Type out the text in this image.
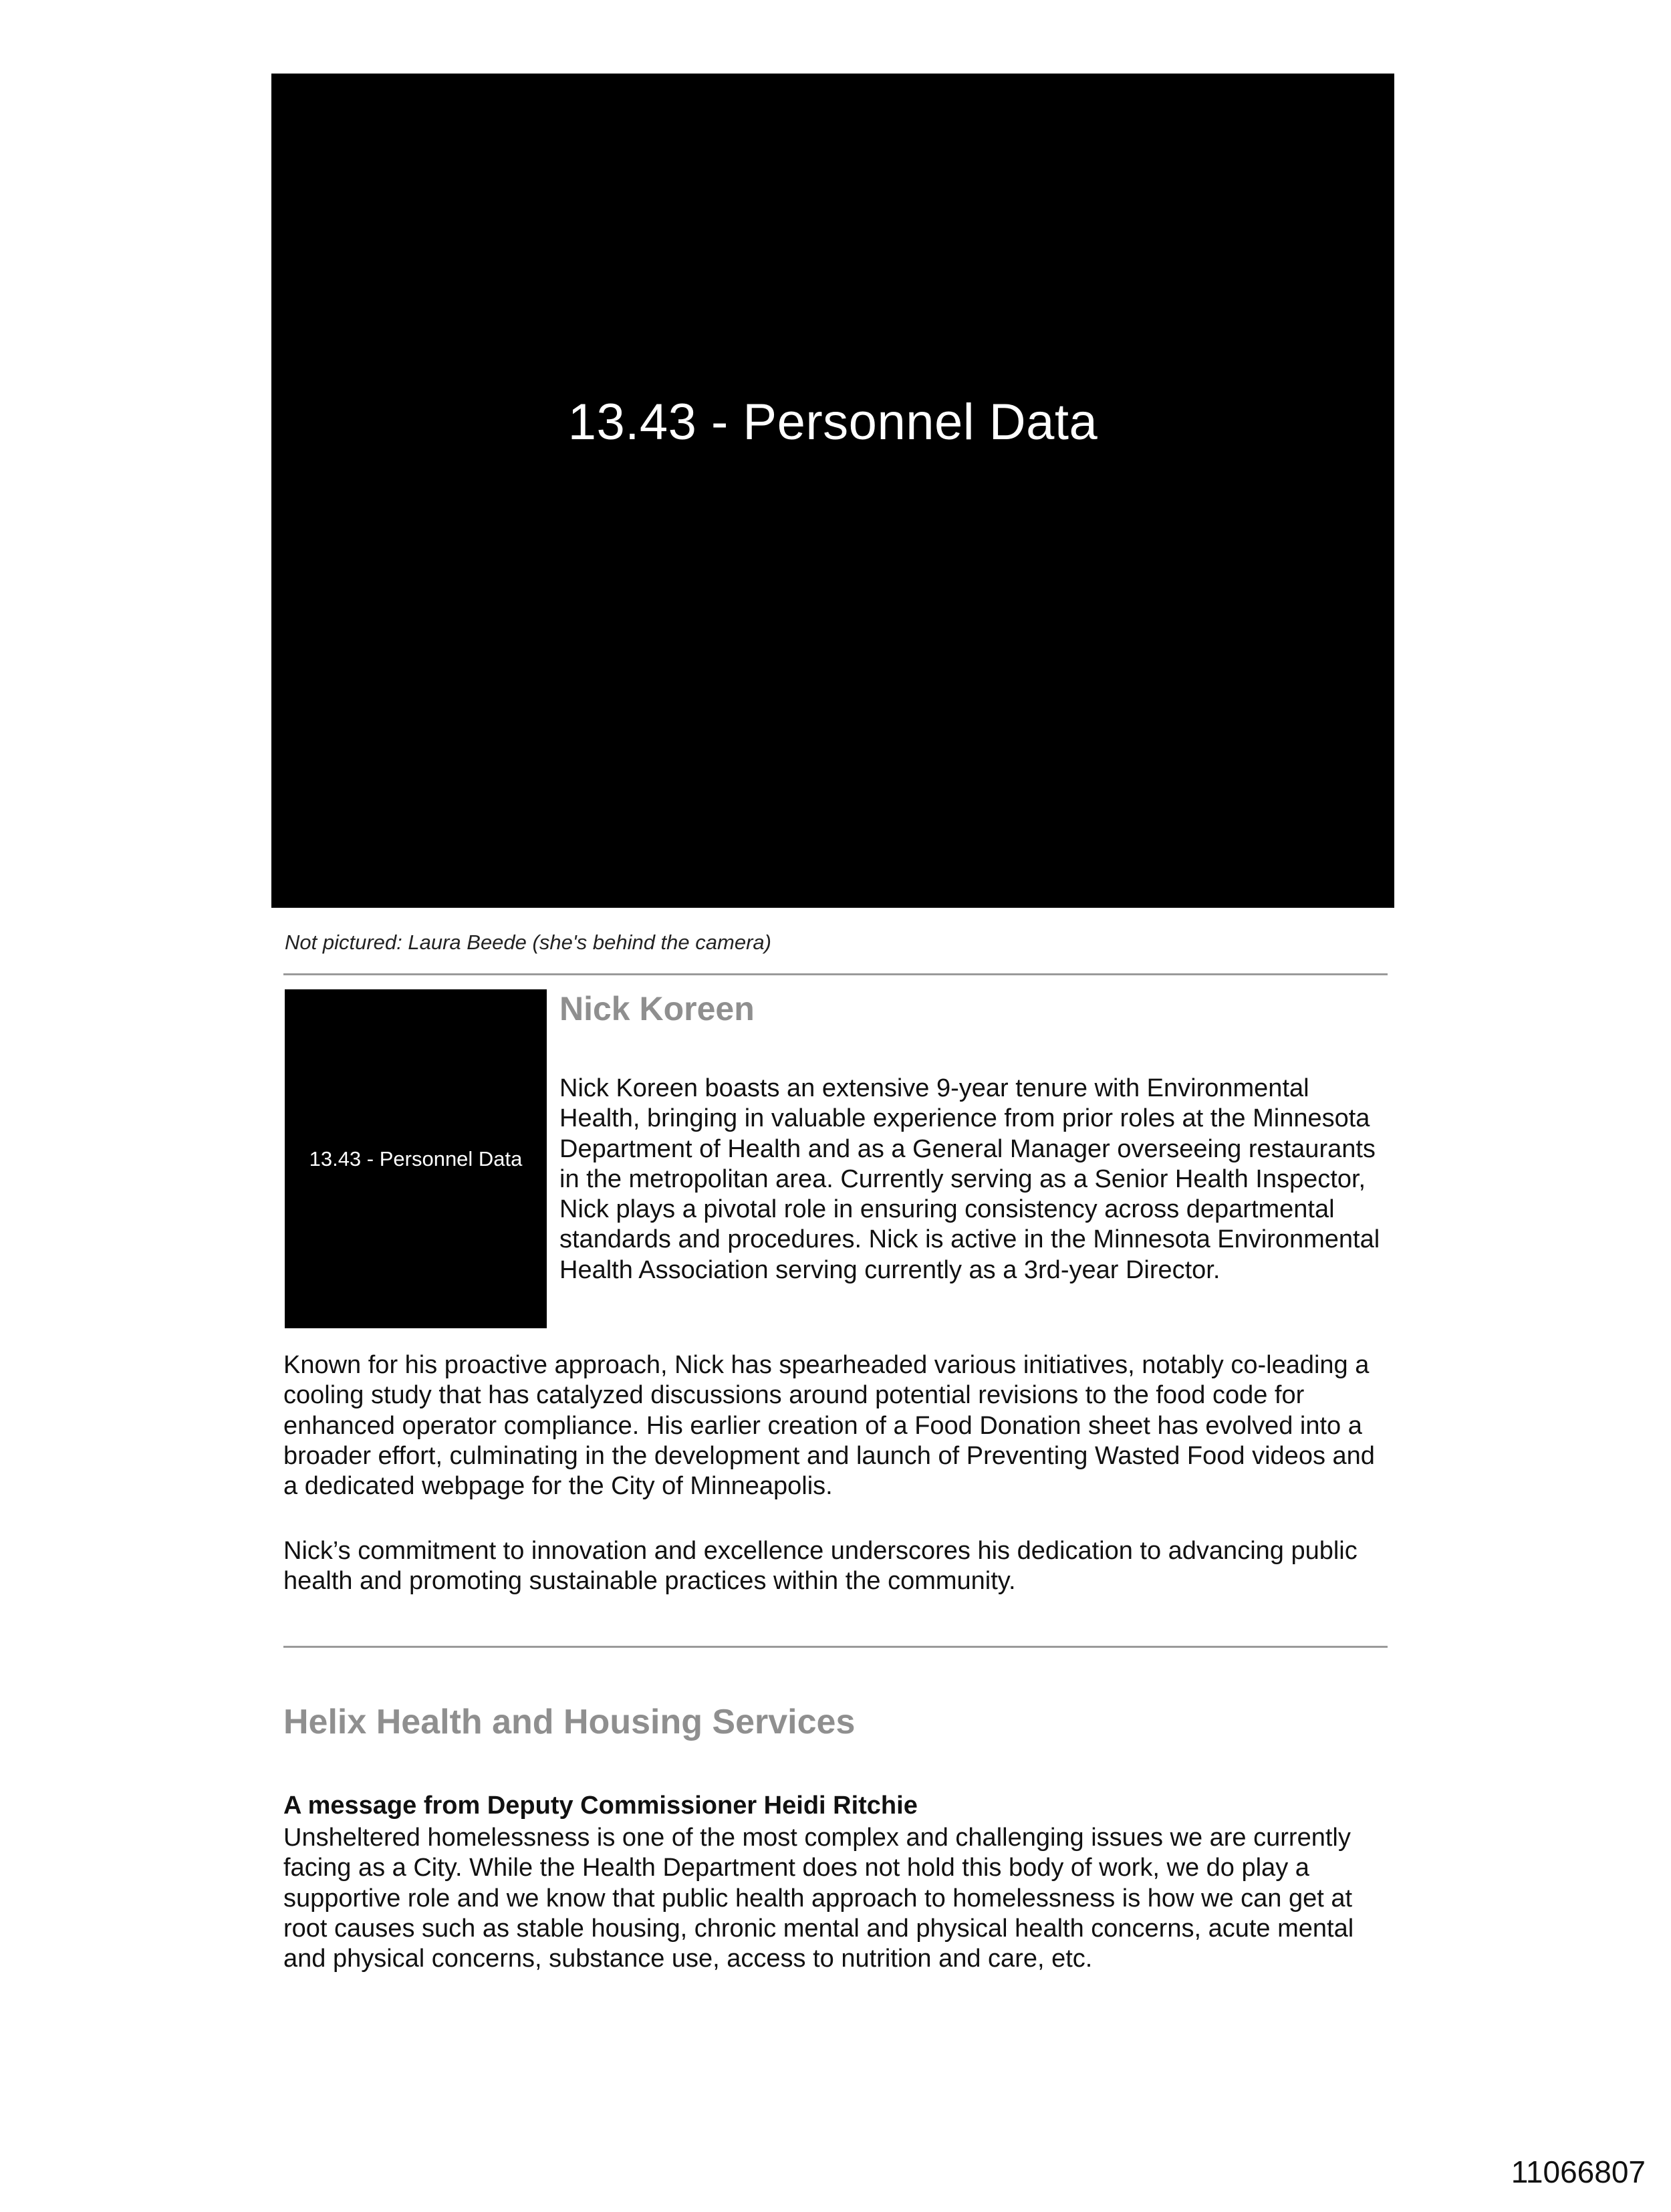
13.43 - Personnel Data
Not pictured: Laura Beede (she's behind the camera)
13.43 - Personnel Data
Nick Koreen

Nick Koreen boasts an extensive 9-year tenure with Environmental Health, bringing in valuable experience from prior roles at the Minnesota Department of Health and as a General Manager overseeing restaurants in the metropolitan area. Currently serving as a Senior Health Inspector, Nick plays a pivotal role in ensuring consistency across departmental standards and procedures. Nick is active in the Minnesota Environmental Health Association serving currently as a 3rd-year Director.

Known for his proactive approach, Nick has spearheaded various initiatives, notably co-leading a cooling study that has catalyzed discussions around potential revisions to the food code for enhanced operator compliance. His earlier creation of a Food Donation sheet has evolved into a broader effort, culminating in the development and launch of Preventing Wasted Food videos and a dedicated webpage for the City of Minneapolis.

Nick’s commitment to innovation and excellence underscores his dedication to advancing public health and promoting sustainable practices within the community.

Helix Health and Housing Services

A message from Deputy Commissioner Heidi Ritchie

Unsheltered homelessness is one of the most complex and challenging issues we are currently facing as a City. While the Health Department does not hold this body of work, we do play a supportive role and we know that public health approach to homelessness is how we can get at root causes such as stable housing, chronic mental and physical health concerns, acute mental and physical concerns, substance use, access to nutrition and care, etc.

11066807
